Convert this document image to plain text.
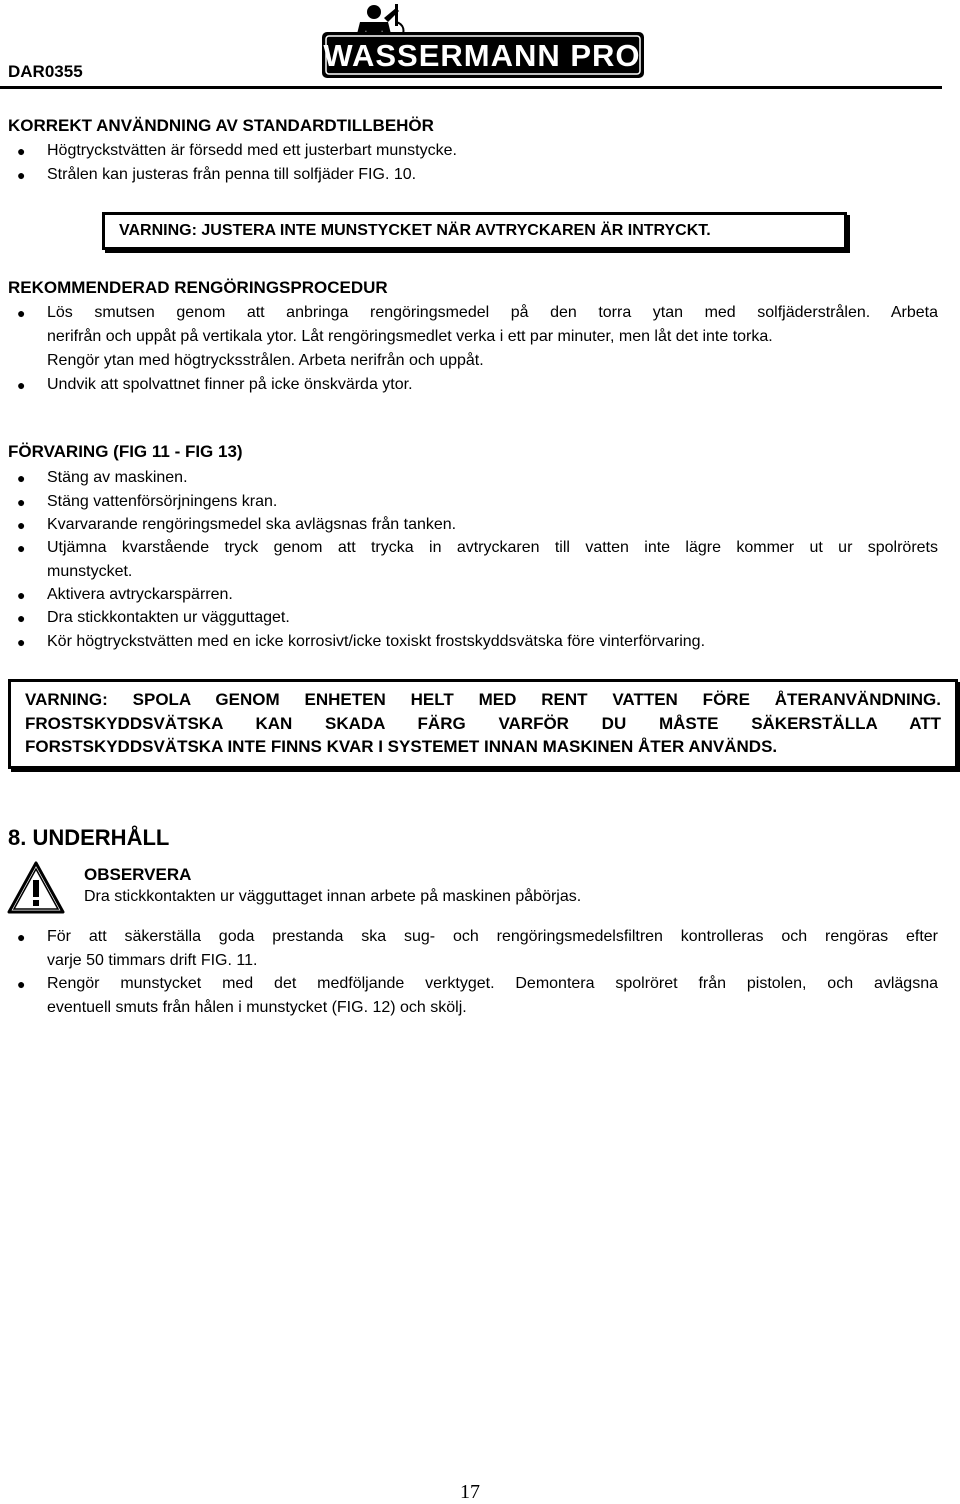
DAR0355	WASSERMANN PRO
KORREKT ANVÄNDNING AV STANDARDTILLBEHÖR
● Högtryckstvätten är försedd med ett justerbart munstycke.
● Strålen kan justeras från penna till solfjäder FIG. 10.
VARNING: JUSTERA INTE MUNSTYCKET NÄR AVTRYCKAREN ÄR INTRYCKT.
REKOMMENDERAD RENGÖRINGSPROCEDUR
● Lös smutsen genom att anbringa rengöringsmedel på den torra ytan med solfjäderstrålen. Arbeta
nerifrån och uppåt på vertikala ytor. Låt rengöringsmedlet verka i ett par minuter, men låt det inte torka.
Rengör ytan med högtrycksstrålen. Arbeta nerifrån och uppåt.
● Undvik att spolvattnet finner på icke önskvärda ytor.
FÖRVARING (FIG 11 - FIG 13)
● Stäng av maskinen.
● Stäng vattenförsörjningens kran.
● Kvarvarande rengöringsmedel ska avlägsnas från tanken.
● Utjämna kvarstående tryck genom att trycka in avtryckaren till vatten inte lägre kommer ut ur spolrörets
munstycket.
● Aktivera avtryckarspärren.
● Dra stickkontakten ur vägguttaget.
● Kör högtryckstvätten med en icke korrosivt/icke toxiskt frostskyddsvätska före vinterförvaring.
VARNING: SPOLA GENOM ENHETEN HELT MED RENT VATTEN FÖRE ÅTERANVÄNDNING.
FROSTSKYDDSVÄTSKA KAN SKADA FÄRG VARFÖR DU MÅSTE SÄKERSTÄLLA ATT
FORSTSKYDDSVÄTSKA INTE FINNS KVAR I SYSTEMET INNAN MASKINEN ÅTER ANVÄNDS.
8. UNDERHÅLL
OBSERVERA
Dra stickkontakten ur vägguttaget innan arbete på maskinen påbörjas.
● För att säkerställa goda prestanda ska sug- och rengöringsmedelsfiltren kontrolleras och rengöras efter
varje 50 timmars drift FIG. 11.
● Rengör munstycket med det medföljande verktyget. Demontera spolröret från pistolen, och avlägsna
eventuell smuts från hålen i munstycket (FIG. 12) och skölj.
17
